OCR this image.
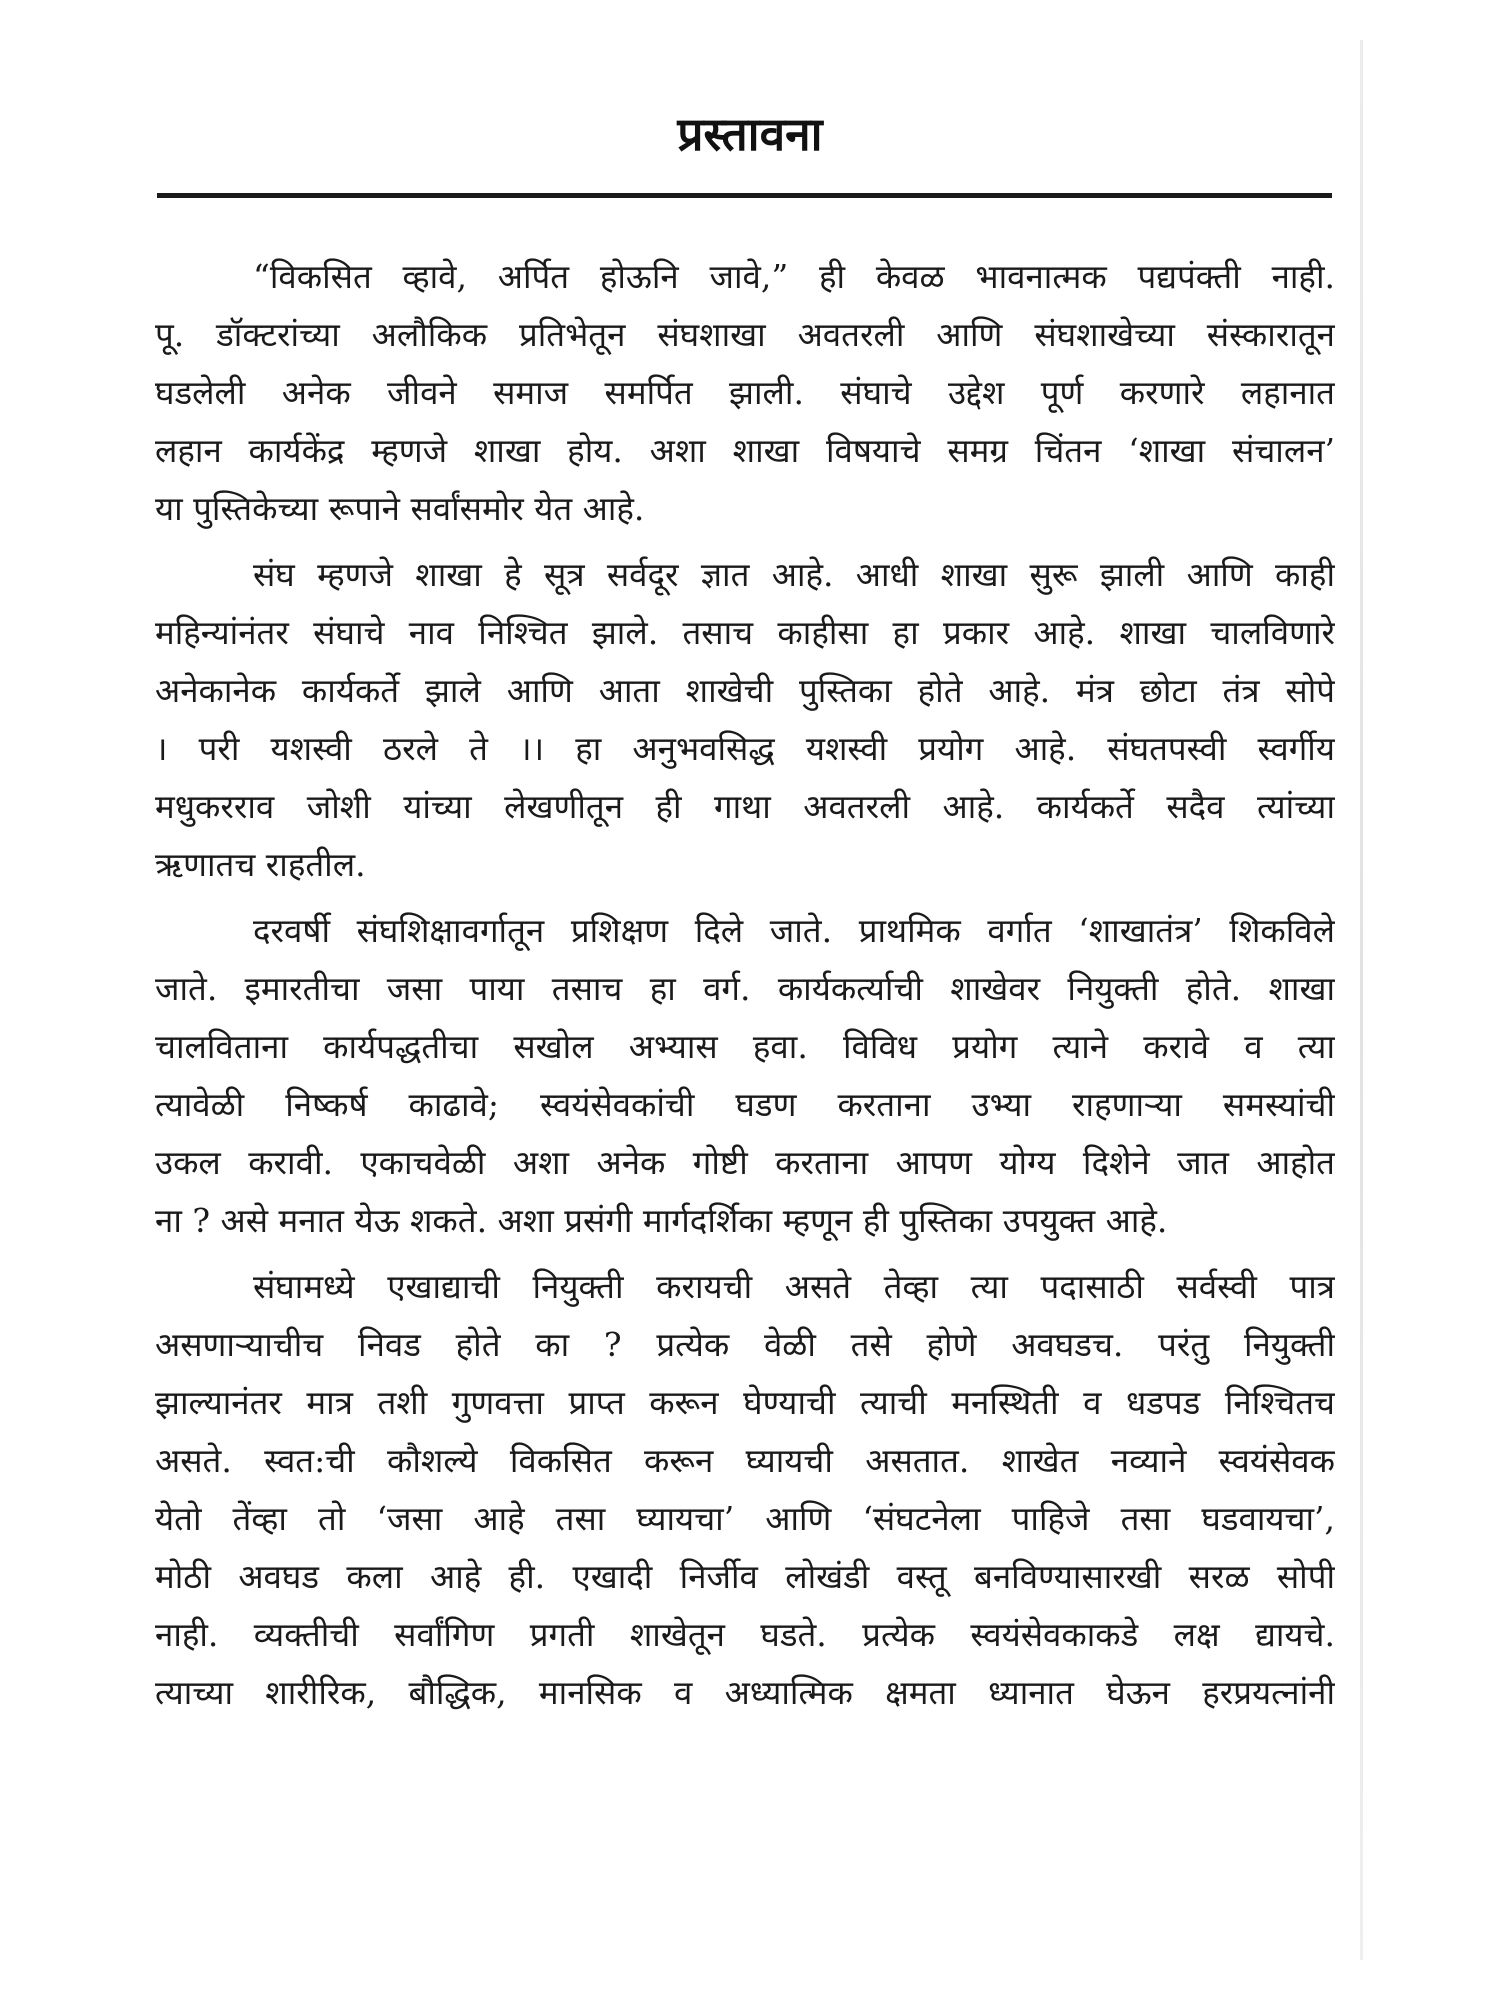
प्रस्तावना
“विकसित व्हावे, अर्पित होऊनि जावे,” ही केवळ भावनात्मक पद्यपंक्ती नाही.
पू. डॉक्टरांच्या अलौकिक प्रतिभेतून संघशाखा अवतरली आणि संघशाखेच्या संस्कारातून
घडलेली अनेक जीवने समाज समर्पित झाली. संघाचे उद्देश पूर्ण करणारे लहानात
लहान कार्यकेंद्र म्हणजे शाखा होय. अशा शाखा विषयाचे समग्र चिंतन ‘शाखा संचालन’
या पुस्तिकेच्या रूपाने सर्वांसमोर येत आहे.
संघ म्हणजे शाखा हे सूत्र सर्वदूर ज्ञात आहे. आधी शाखा सुरू झाली आणि काही
महिन्यांनंतर संघाचे नाव निश्चित झाले. तसाच काहीसा हा प्रकार आहे. शाखा चालविणारे
अनेकानेक कार्यकर्ते झाले आणि आता शाखेची पुस्तिका होते आहे. मंत्र छोटा तंत्र सोपे
। परी यशस्वी ठरले ते ।। हा अनुभवसिद्ध यशस्वी प्रयोग आहे. संघतपस्वी स्वर्गीय
मधुकरराव जोशी यांच्या लेखणीतून ही गाथा अवतरली आहे. कार्यकर्ते सदैव त्यांच्या
ऋणातच राहतील.
दरवर्षी संघशिक्षावर्गातून प्रशिक्षण दिले जाते. प्राथमिक वर्गात ‘शाखातंत्र’ शिकविले
जाते. इमारतीचा जसा पाया तसाच हा वर्ग. कार्यकर्त्याची शाखेवर नियुक्ती होते. शाखा
चालविताना कार्यपद्धतीचा सखोल अभ्यास हवा. विविध प्रयोग त्याने करावे व त्या
त्यावेळी निष्कर्ष काढावे; स्वयंसेवकांची घडण करताना उभ्या राहणाऱ्या समस्यांची
उकल करावी. एकाचवेळी अशा अनेक गोष्टी करताना आपण योग्य दिशेने जात आहोत
ना ? असे मनात येऊ शकते. अशा प्रसंगी मार्गदर्शिका म्हणून ही पुस्तिका उपयुक्त आहे.
संघामध्ये एखाद्याची नियुक्ती करायची असते तेव्हा त्या पदासाठी सर्वस्वी पात्र
असणाऱ्याचीच निवड होते का ? प्रत्येक वेळी तसे होणे अवघडच. परंतु नियुक्ती
झाल्यानंतर मात्र तशी गुणवत्ता प्राप्त करून घेण्याची त्याची मनस्थिती व धडपड निश्चितच
असते. स्वत:ची कौशल्ये विकसित करून घ्यायची असतात. शाखेत नव्याने स्वयंसेवक
येतो तेंव्हा तो ‘जसा आहे तसा घ्यायचा’ आणि ‘संघटनेला पाहिजे तसा घडवायचा’,
मोठी अवघड कला आहे ही. एखादी निर्जीव लोखंडी वस्तू बनविण्यासारखी सरळ सोपी
नाही. व्यक्तीची सर्वांगिण प्रगती शाखेतून घडते. प्रत्येक स्वयंसेवकाकडे लक्ष द्यायचे.
त्याच्या शारीरिक, बौद्धिक, मानसिक व अध्यात्मिक क्षमता ध्यानात घेऊन हरप्रयत्नांनी
